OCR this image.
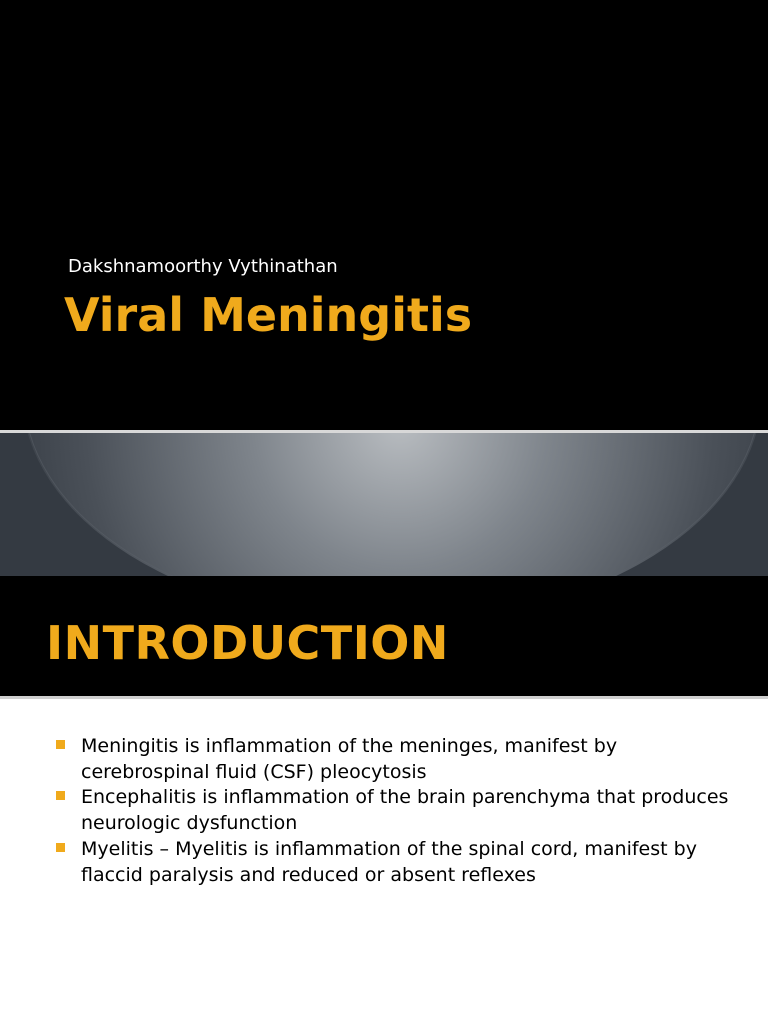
Dakshnamoorthy Vythinathan
Viral Meningitis
INTRODUCTION
Meningitis is inflammation of the meninges, manifest by cerebrospinal fluid (CSF) pleocytosis
Encephalitis is inflammation of the brain parenchyma that produces neurologic dysfunction
Myelitis – Myelitis is inflammation of the spinal cord, manifest by flaccid paralysis and reduced or absent reflexes
